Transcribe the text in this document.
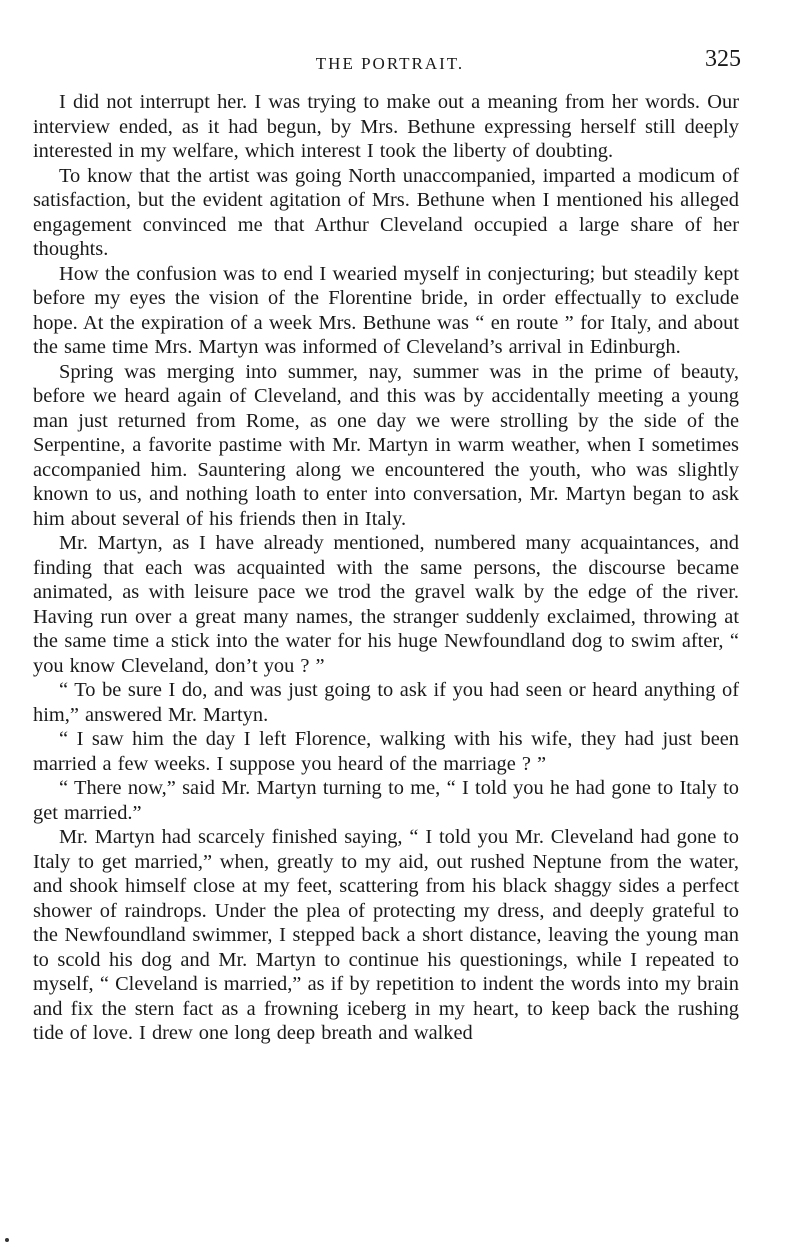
THE PORTRAIT.	325

I did not interrupt her. I was trying to make out a meaning from her words. Our interview ended, as it had begun, by Mrs. Bethune expressing herself still deeply interested in my welfare, which interest I took the liberty of doubting.

To know that the artist was going North unaccompanied, imparted a modicum of satisfaction, but the evident agitation of Mrs. Bethune when I mentioned his alleged engagement convinced me that Arthur Cleveland occupied a large share of her thoughts.

How the confusion was to end I wearied myself in conjecturing; but steadily kept before my eyes the vision of the Florentine bride, in order effectually to exclude hope. At the expiration of a week Mrs. Bethune was “ en route ” for Italy, and about the same time Mrs. Martyn was informed of Cleveland’s arrival in Edinburgh.

Spring was merging into summer, nay, summer was in the prime of beauty, before we heard again of Cleveland, and this was by accidentally meeting a young man just returned from Rome, as one day we were strolling by the side of the Serpentine, a favorite pastime with Mr. Martyn in warm weather, when I sometimes accompanied him. Sauntering along we encountered the youth, who was slightly known to us, and nothing loath to enter into conversation, Mr. Martyn began to ask him about several of his friends then in Italy.

Mr. Martyn, as I have already mentioned, numbered many acquaintances, and finding that each was acquainted with the same persons, the discourse became animated, as with leisure pace we trod the gravel walk by the edge of the river. Having run over a great many names, the stranger suddenly exclaimed, throwing at the same time a stick into the water for his huge Newfoundland dog to swim after, “ you know Cleveland, don’t you ? ”

“ To be sure I do, and was just going to ask if you had seen or heard anything of him,” answered Mr. Martyn.

“ I saw him the day I left Florence, walking with his wife, they had just been married a few weeks. I suppose you heard of the marriage ? ”

“ There now,” said Mr. Martyn turning to me, “ I told you he had gone to Italy to get married.”

Mr. Martyn had scarcely finished saying, “ I told you Mr. Cleveland had gone to Italy to get married,” when, greatly to my aid, out rushed Neptune from the water, and shook himself close at my feet, scattering from his black shaggy sides a perfect shower of raindrops. Under the plea of protecting my dress, and deeply grateful to the Newfoundland swimmer, I stepped back a short distance, leaving the young man to scold his dog and Mr. Martyn to continue his questionings, while I repeated to myself, “ Cleveland is married,” as if by repetition to indent the words into my brain and fix the stern fact as a frowning iceberg in my heart, to keep back the rushing tide of love. I drew one long deep breath and walked
